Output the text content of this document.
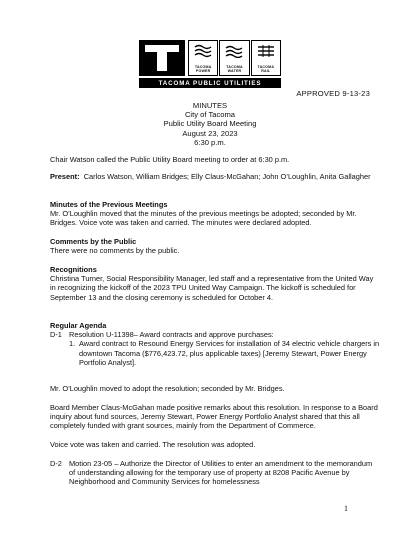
TACOMA
POWER
TACOMA
WATER
TACOMA
RAIL
TACOMA PUBLIC UTILITIES
APPROVED 9-13-23
MINUTES
City of Tacoma
Public Utility Board Meeting
August 23, 2023
6:30 p.m.

Chair Watson called the Public Utility Board meeting to order at 6:30 p.m.

Present: Carlos Watson, William Bridges; Elly Claus-McGahan; John O’Loughlin, Anita Gallagher

Minutes of the Previous Meetings

Mr. O’Loughlin moved that the minutes of the previous meetings be adopted; seconded by Mr. Bridges. Voice vote was taken and carried. The minutes were declared adopted.

Comments by the Public

There were no comments by the public.

Recognitions

Christina Turner, Social Responsibility Manager, led staff and a representative from the United Way in recognizing the kickoff of the 2023 TPU United Way Campaign. The kickoff is scheduled for September 13 and the closing ceremony is scheduled for October 4.

Regular Agenda

D-1 Resolution U-11398– Award contracts and approve purchases:
1. Award contract to Resound Energy Services for installation of 34 electric vehicle chargers in downtown Tacoma ($776,423.72, plus applicable taxes) [Jeremy Stewart, Power Energy Portfolio Analyst].

Mr. O’Loughlin moved to adopt the resolution; seconded by Mr. Bridges.

Board Member Claus-McGahan made positive remarks about this resolution. In response to a Board inquiry about fund sources, Jeremy Stewart, Power Energy Portfolio Analyst shared that this all completely funded with grant sources, mainly from the Department of Commerce.

Voice vote was taken and carried. The resolution was adopted.

D-2 Motion 23-05 – Authorize the Director of Utilities to enter an amendment to the memorandum of understanding allowing for the temporary use of property at 8208 Pacific Avenue by Neighborhood and Community Services for homelessness
1
